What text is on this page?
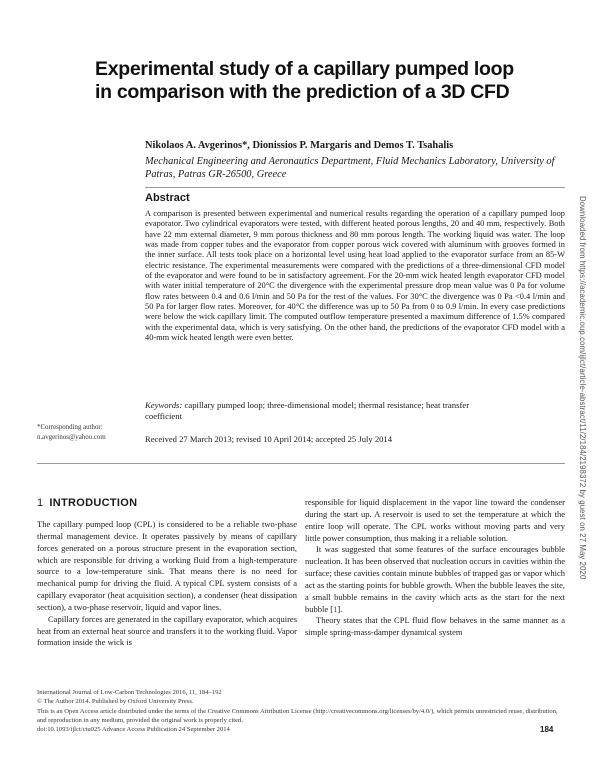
Experimental study of a capillary pumped loop in comparison with the prediction of a 3D CFD
Nikolaos A. Avgerinos*, Dionissios P. Margaris and Demos T. Tsahalis
Mechanical Engineering and Aeronautics Department, Fluid Mechanics Laboratory, University of Patras, Patras GR-26500, Greece
Abstract
A comparison is presented between experimental and numerical results regarding the operation of a capillary pumped loop evaporator. Two cylindrical evaporators were tested, with different heated porous lengths, 20 and 40 mm, respectively. Both have 22 mm external diameter, 9 mm porous thickness and 80 mm porous length. The working liquid was water. The loop was made from copper tubes and the evaporator from copper porous wick covered with aluminum with grooves formed in the inner surface. All tests took place on a horizontal level using heat load applied to the evaporator surface from an 85-W electric resistance. The experimental measurements were compared with the predictions of a three-dimensional CFD model of the evaporator and were found to be in satisfactory agreement. For the 20-mm wick heated length evaporator CFD model with water initial temperature of 20°C the divergence with the experimental pressure drop mean value was 0 Pa for volume flow rates between 0.4 and 0.6 l/min and 50 Pa for the rest of the values. For 30°C the divergence was 0 Pa <0.4 l/min and 50 Pa for larger flow rates. Moreover, for 40°C the difference was up to 50 Pa from 0 to 0.9 l/min. In every case predictions were below the wick capillary limit. The computed outflow temperature presented a maximum difference of 1.5% compared with the experimental data, which is very satisfying. On the other hand, the predictions of the evaporator CFD model with a 40-mm wick heated length were even better.
Keywords: capillary pumped loop; three-dimensional model; thermal resistance; heat transfer coefficient
*Corresponding author:
n.avgerinos@yahoo.com	Received 27 March 2013; revised 10 April 2014; accepted 25 July 2014
1 INTRODUCTION

The capillary pumped loop (CPL) is considered to be a reliable two-phase thermal management device. It operates passively by means of capillary forces generated on a porous structure present in the evaporation section, which are responsible for driving a working fluid from a high-temperature source to a low-temperature sink. That means there is no need for mechanical pump for driving the fluid. A typical CPL system consists of a capillary evaporator (heat acquisition section), a condenser (heat dissipation section), a two-phase reservoir, liquid and vapor lines.

Capillary forces are generated in the capillary evaporator, which acquires heat from an external heat source and transfers it to the working fluid. Vapor formation inside the wick is

responsible for liquid displacement in the vapor line toward the condenser during the start up. A reservoir is used to set the temperature at which the entire loop will operate. The CPL works without moving parts and very little power consumption, thus making it a reliable solution.

It was suggested that some features of the surface encourages bubble nucleation. It has been observed that nucleation occurs in cavities within the surface; these cavities contain minute bubbles of trapped gas or vapor which act as the starting points for bubble growth. When the bubble leaves the site, a small bubble remains in the cavity which acts as the start for the next bubble [1].

Theory states that the CPL fluid flow behaves in the same manner as a simple spring-mass-damper dynamical system

International Journal of Low-Carbon Technologies 2016, 11, 184–192
© The Author 2014. Published by Oxford University Press.
This is an Open Access article distributed under the terms of the Creative Commons Attribution License (http://creativecommons.org/licenses/by/4.0/), which permits unrestricted reuse, distribution, and reproduction in any medium, provided the original work is properly cited.
doi:10.1093/ijlct/ctu025 Advance Access Publication 24 September 2014	184
Downloaded from https://academic.oup.com/ijlct/article-abstract/11/2/184/2198372 by guest on 27 May 2020
